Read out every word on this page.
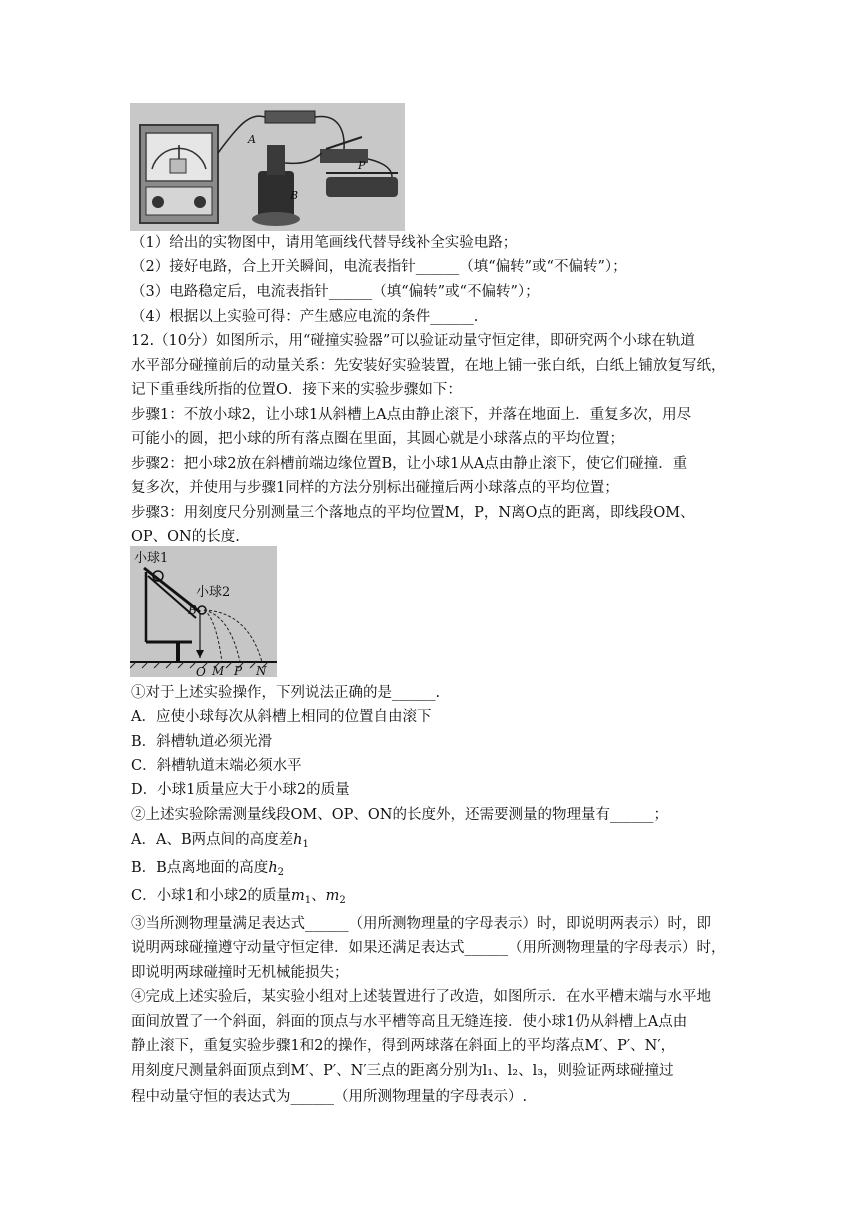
A
B
P
（1）给出的实物图中，请用笔画线代替导线补全实验电路；
（2）接好电路，合上开关瞬间，电流表指针______（填“偏转”或“不偏转”）；
（3）电路稳定后，电流表指针______（填“偏转”或“不偏转”）；
（4）根据以上实验可得：产生感应电流的条件______.
12.（10分）如图所示，用“碰撞实验器”可以验证动量守恒定律，即研究两个小球在轨道
水平部分碰撞前后的动量关系：先安装好实验装置，在地上铺一张白纸，白纸上铺放复写纸，
记下重垂线所指的位置O．接下来的实验步骤如下：
步骤1：不放小球2，让小球1从斜槽上A点由静止滚下，并落在地面上．重复多次，用尽
可能小的圆，把小球的所有落点圈在里面，其圆心就是小球落点的平均位置；
步骤2：把小球2放在斜槽前端边缘位置B，让小球1从A点由静止滚下，使它们碰撞．重
复多次，并使用与步骤1同样的方法分别标出碰撞后两小球落点的平均位置；
步骤3：用刻度尺分别测量三个落地点的平均位置M，P，N离O点的距离，即线段OM、
OP、ON的长度.
小球1
小球2
B
O M P N
①对于上述实验操作，下列说法正确的是______.
A．应使小球每次从斜槽上相同的位置自由滚下
B．斜槽轨道必须光滑
C．斜槽轨道末端必须水平
D．小球1质量应大于小球2的质量
②上述实验除需测量线段OM、OP、ON的长度外，还需要测量的物理量有______；
A．A、B两点间的高度差$h_1$
B．B点离地面的高度$h_2$
C．小球1和小球2的质量$m_1$、$m_2$
③当所测物理量满足表达式______（用所测物理量的字母表示）时，即说明两表示）时，即
说明两球碰撞遵守动量守恒定律．如果还满足表达式______（用所测物理量的字母表示）时，
即说明两球碰撞时无机械能损失；
④完成上述实验后，某实验小组对上述装置进行了改造，如图所示．在水平槽末端与水平地
面间放置了一个斜面，斜面的顶点与水平槽等高且无缝连接．使小球1仍从斜槽上A点由
静止滚下，重复实验步骤1和2的操作，得到两球落在斜面上的平均落点M′、P′、N′，
用刻度尺测量斜面顶点到M′、P′、N′三点的距离分别为l₁、l₂、l₃，则验证两球碰撞过
程中动量守恒的表达式为______（用所测物理量的字母表示）.
